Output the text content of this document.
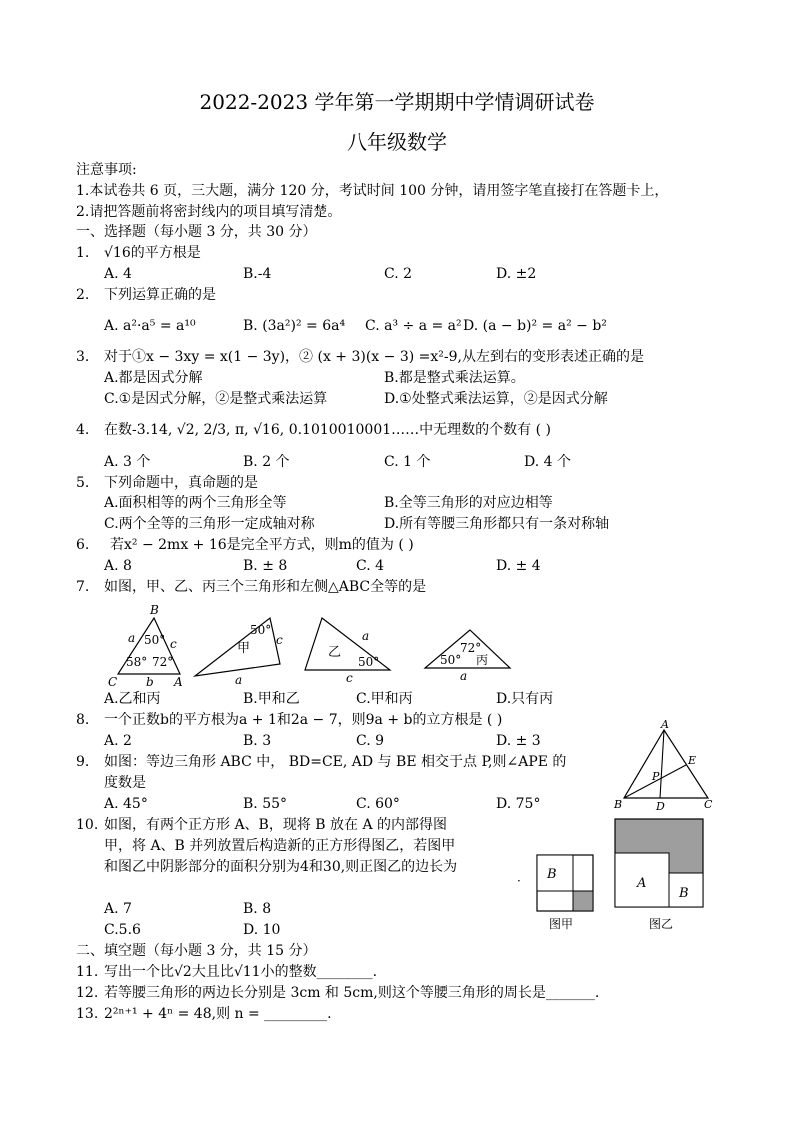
2022-2023 学年第一学期期中学情调研试卷
八年级数学
注意事项:
1.本试卷共 6 页，三大题，满分 120 分，考试时间 100 分钟，请用签字笔直接打在答题卡上，
2.请把答题前将密封线内的项目填写清楚。
一、选择题（每小题 3 分，共 30 分）
1. √16的平方根是
A. 4	B.-4	C. 2	D. ±2
2. 下列运算正确的是
A. a²·a⁵ = a¹⁰	B. (3a²)² = 6a⁴ C. a³ ÷ a = a² D. (a − b)² = a² − b²
3. 对于①x − 3xy = x(1 − 3y)，② (x + 3)(x − 3) =x²-9,从左到右的变形表述正确的是
A.都是因式分解	B.都是整式乘法运算。
C.①是因式分解，②是整式乘法运算	D.①处整式乘法运算，②是因式分解
4. 在数-3.14, √2, 2/3, π, √16, 0.1010010001……中无理数的个数有 ( )
A. 3 个	B. 2 个	C. 1 个	D. 4 个
5. 下列命题中，真命题的是
A.面积相等的两个三角形全等	B.全等三角形的对应边相等
C.两个全等的三角形一定成轴对称	D.所有等腰三角形都只有一条对称轴
6. 若x² − 2mx + 16是完全平方式，则m的值为 ( )
A. 8	B. ± 8	C. 4	D. ± 4
7. 如图，甲、乙、丙三个三角形和左侧△ABC全等的是
B
C	A
a	c
b
50°
58° 72°
甲
c
a
50°
乙
a
c
50°	丙
72°
50°
a
A.乙和丙	B.甲和乙	C.甲和丙	D.只有丙
8. 一个正数b的平方根为a + 1和2a − 7，则9a + b的立方根是 ( )
A. 2	B. 3	C. 9	D. ± 3
9. 如图：等边三角形 ABC 中， BD=CE, AD 与 BE 相交于点 P,则∠APE 的
度数是
A. 45°	B. 55°	C. 60°	D. 75°
A
B	C
D
E
P
10. 如图，有两个正方形 A、B，现将 B 放在 A 的内部得图
甲，将 A、B 并列放置后构造新的正方形得图乙，若图甲
和图乙中阴影部分的面积分别为4和30,则正图乙的边长为
A. 7	B. 8
C.5.6	D. 10
· B
图甲
A
B
图乙
二、填空题（每小题 3 分，共 15 分）
11. 写出一个比√2大且比√11小的整数________.
12. 若等腰三角形的两边长分别是 3cm 和 5cm,则这个等腰三角形的周长是_______.
13. 2²ⁿ⁺¹ + 4ⁿ = 48,则 n = _________.
